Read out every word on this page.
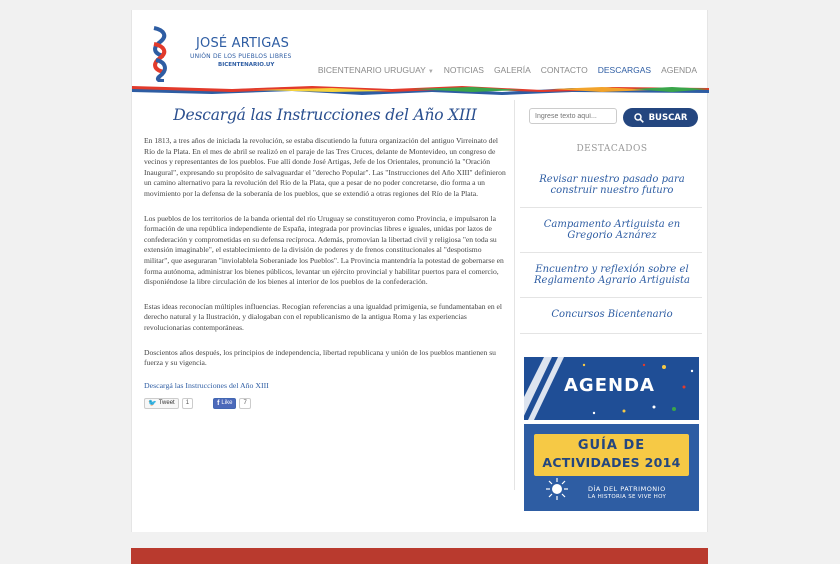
JOSÉ ARTIGAS
UNIÓN DE LOS PUEBLOS LIBRES
BICENTENARIO.UY	BICENTENARIO URUGUAY ▼ NOTICIAS GALERÍA CONTACTO DESCARGAS AGENDA
Descargá las Instrucciones del Año XIII

En 1813, a tres años de iniciada la revolución, se estaba discutiendo la futura organización del antiguo Virreinato del Río de la Plata. En el mes de abril se realizó en el paraje de las Tres Cruces, delante de Montevideo, un congreso de vecinos y representantes de los pueblos. Fue allí donde José Artigas, Jefe de los Orientales, pronunció la "Oración Inaugural", expresando su propósito de salvaguardar el "derecho Popular". Las "Instrucciones del Año XIII" definieron un camino alternativo para la revolución del Río de la Plata, que a pesar de no poder concretarse, dio forma a un movimiento por la defensa de la soberanía de los pueblos, que se extendió a otras regiones del Río de la Plata.

Los pueblos de los territorios de la banda oriental del río Uruguay se constituyeron como Provincia, e impulsaron la formación de una república independiente de España, integrada por provincias libres e iguales, unidas por lazos de confederación y comprometidas en su defensa recíproca. Además, promovían la libertad civil y religiosa "en toda su extensión imaginable", el establecimiento de la división de poderes y de frenos constitucionales al "despotismo militar", que aseguraran "inviolablela Soberaniade los Pueblos". La Provincia mantendría la potestad de gobernarse en forma autónoma, administrar los bienes públicos, levantar un ejército provincial y habilitar puertos para el comercio, disponiéndose la libre circulación de los bienes al interior de los pueblos de la confederación.

Estas ideas reconocían múltiples influencias. Recogían referencias a una igualdad primigenia, se fundamentaban en el derecho natural y la Ilustración, y dialogaban con el republicanismo de la antigua Roma y las experiencias revolucionarias contemporáneas.

Doscientos años después, los principios de independencia, libertad republicana y unión de los pueblos mantienen su fuerza y su vigencia.

Descargá las Instrucciones del Año XIII
🐦 Tweet	1	f Like	7
Ingrese texto aquí...
BUSCAR
DESTACADOS
Revisar nuestro pasado para construir nuestro futuro
Campamento Artiguista en Gregorio Aznárez
Encuentro y reflexión sobre el Reglamento Agrario Artiguista
Concursos Bicentenario
AGENDA
GUÍA DE
ACTIVIDADES 2014
DÍA DEL PATRIMONIO
LA HISTORIA SE VIVE HOY
